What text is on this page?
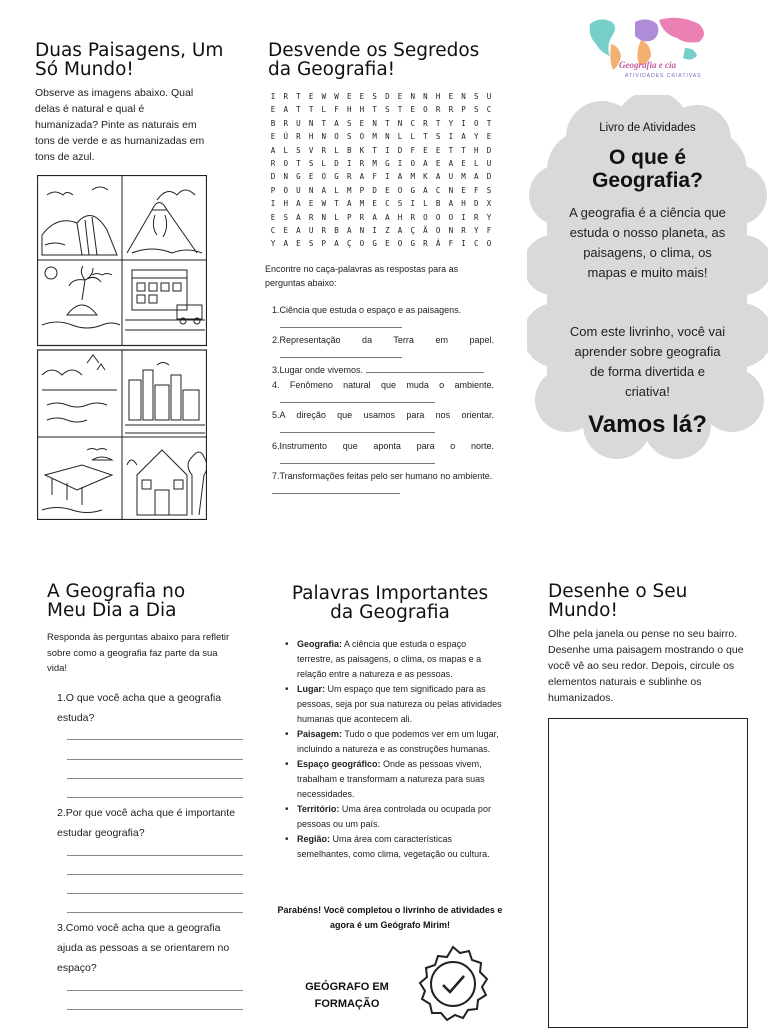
Duas Paisagens, Um Só Mundo!
Observe as imagens abaixo. Qual delas é natural e qual é humanizada? Pinte as naturais em tons de verde e as humanizadas em tons de azul.
Desvende os Segredos da Geografia!
I	R	T	E	W	W	E	E	S	D	E	N	N	H	E	N	S	U
E	A	T	T	L	F	H	H	T	S	T	E	O	R	R	P	S	C
B	R	U	N	T	A	S	E	N	T	N	C	R	T	Y	I	O	T
E	Ú	R	H	N	O	S	O	M	N	L	L	T	S	I	A	Y	E
A	L	S	V	R	L	B	K	T	I	D	F	E	E	T	T	H	D
R	O	T	S	L	D	I	R	M	G	I	O	A	E	A	E	L	U
D	N	G	E	O	G	R	A	F	I	A	M	K	A	U	M	A	D
P	O	U	N	A	L	M	P	D	E	O	G	A	C	N	E	F	S
I	H	A	E	W	T	A	M	E	C	S	I	L	B	A	H	D	X
E	S	A	R	N	L	P	R	A	A	H	R	O	O	O	I	R	Y
C	E	A	U	R	B	A	N	I	Z	A	Ç	Ã	O	N	R	Y	F
Y	A	E	S	P	A	Ç	O	G	E	O	G	R	Á	F	I	C	O
Encontre no caça-palavras as respostas para as perguntas abaixo:
1.Ciência que estuda o espaço e as paisagens.

2.Representação da Terra em papel.
3.Lugar onde vivemos.
4. Fenômeno natural que muda o ambiente.
5.A direção que usamos para nos orientar.
6.Instrumento que aponta para o norte.
7.Transformações feitas pelo ser humano no ambiente.
Geografia e cia
ATIVIDADES CRIATIVAS
Livro de Atividades
O que é Geografia?
A geografia é a ciência que estuda o nosso planeta, as paisagens, o clima, os mapas e muito mais!
Com este livrinho, você vai aprender sobre geografia de forma divertida e criativa!
Vamos lá?
A Geografia no Meu Dia a Dia
Responda às perguntas abaixo para refletir sobre como a geografia faz parte da sua vida!
1.O que você acha que a geografia estuda?
2.Por que você acha que é importante estudar geografia?
3.Como você acha que a geografia ajuda as pessoas a se orientarem no espaço?
Palavras Importantes da Geografia
• Geografia: A ciência que estuda o espaço terrestre, as paisagens, o clima, os mapas e a relação entre a natureza e as pessoas.
• Lugar: Um espaço que tem significado para as pessoas, seja por sua natureza ou pelas atividades humanas que acontecem ali.
• Paisagem: Tudo o que podemos ver em um lugar, incluindo a natureza e as construções humanas.
• Espaço geográfico: Onde as pessoas vivem, trabalham e transformam a natureza para suas necessidades.
• Território: Uma área controlada ou ocupada por pessoas ou um país.
• Região: Uma área com características semelhantes, como clima, vegetação ou cultura.
Parabéns! Você completou o livrinho de atividades e agora é um Geógrafo Mirim!
GEÓGRAFO EM FORMAÇÃO
Desenhe o Seu Mundo!
Olhe pela janela ou pense no seu bairro. Desenhe uma paisagem mostrando o que você vê ao seu redor. Depois, circule os elementos naturais e sublinhe os humanizados.
